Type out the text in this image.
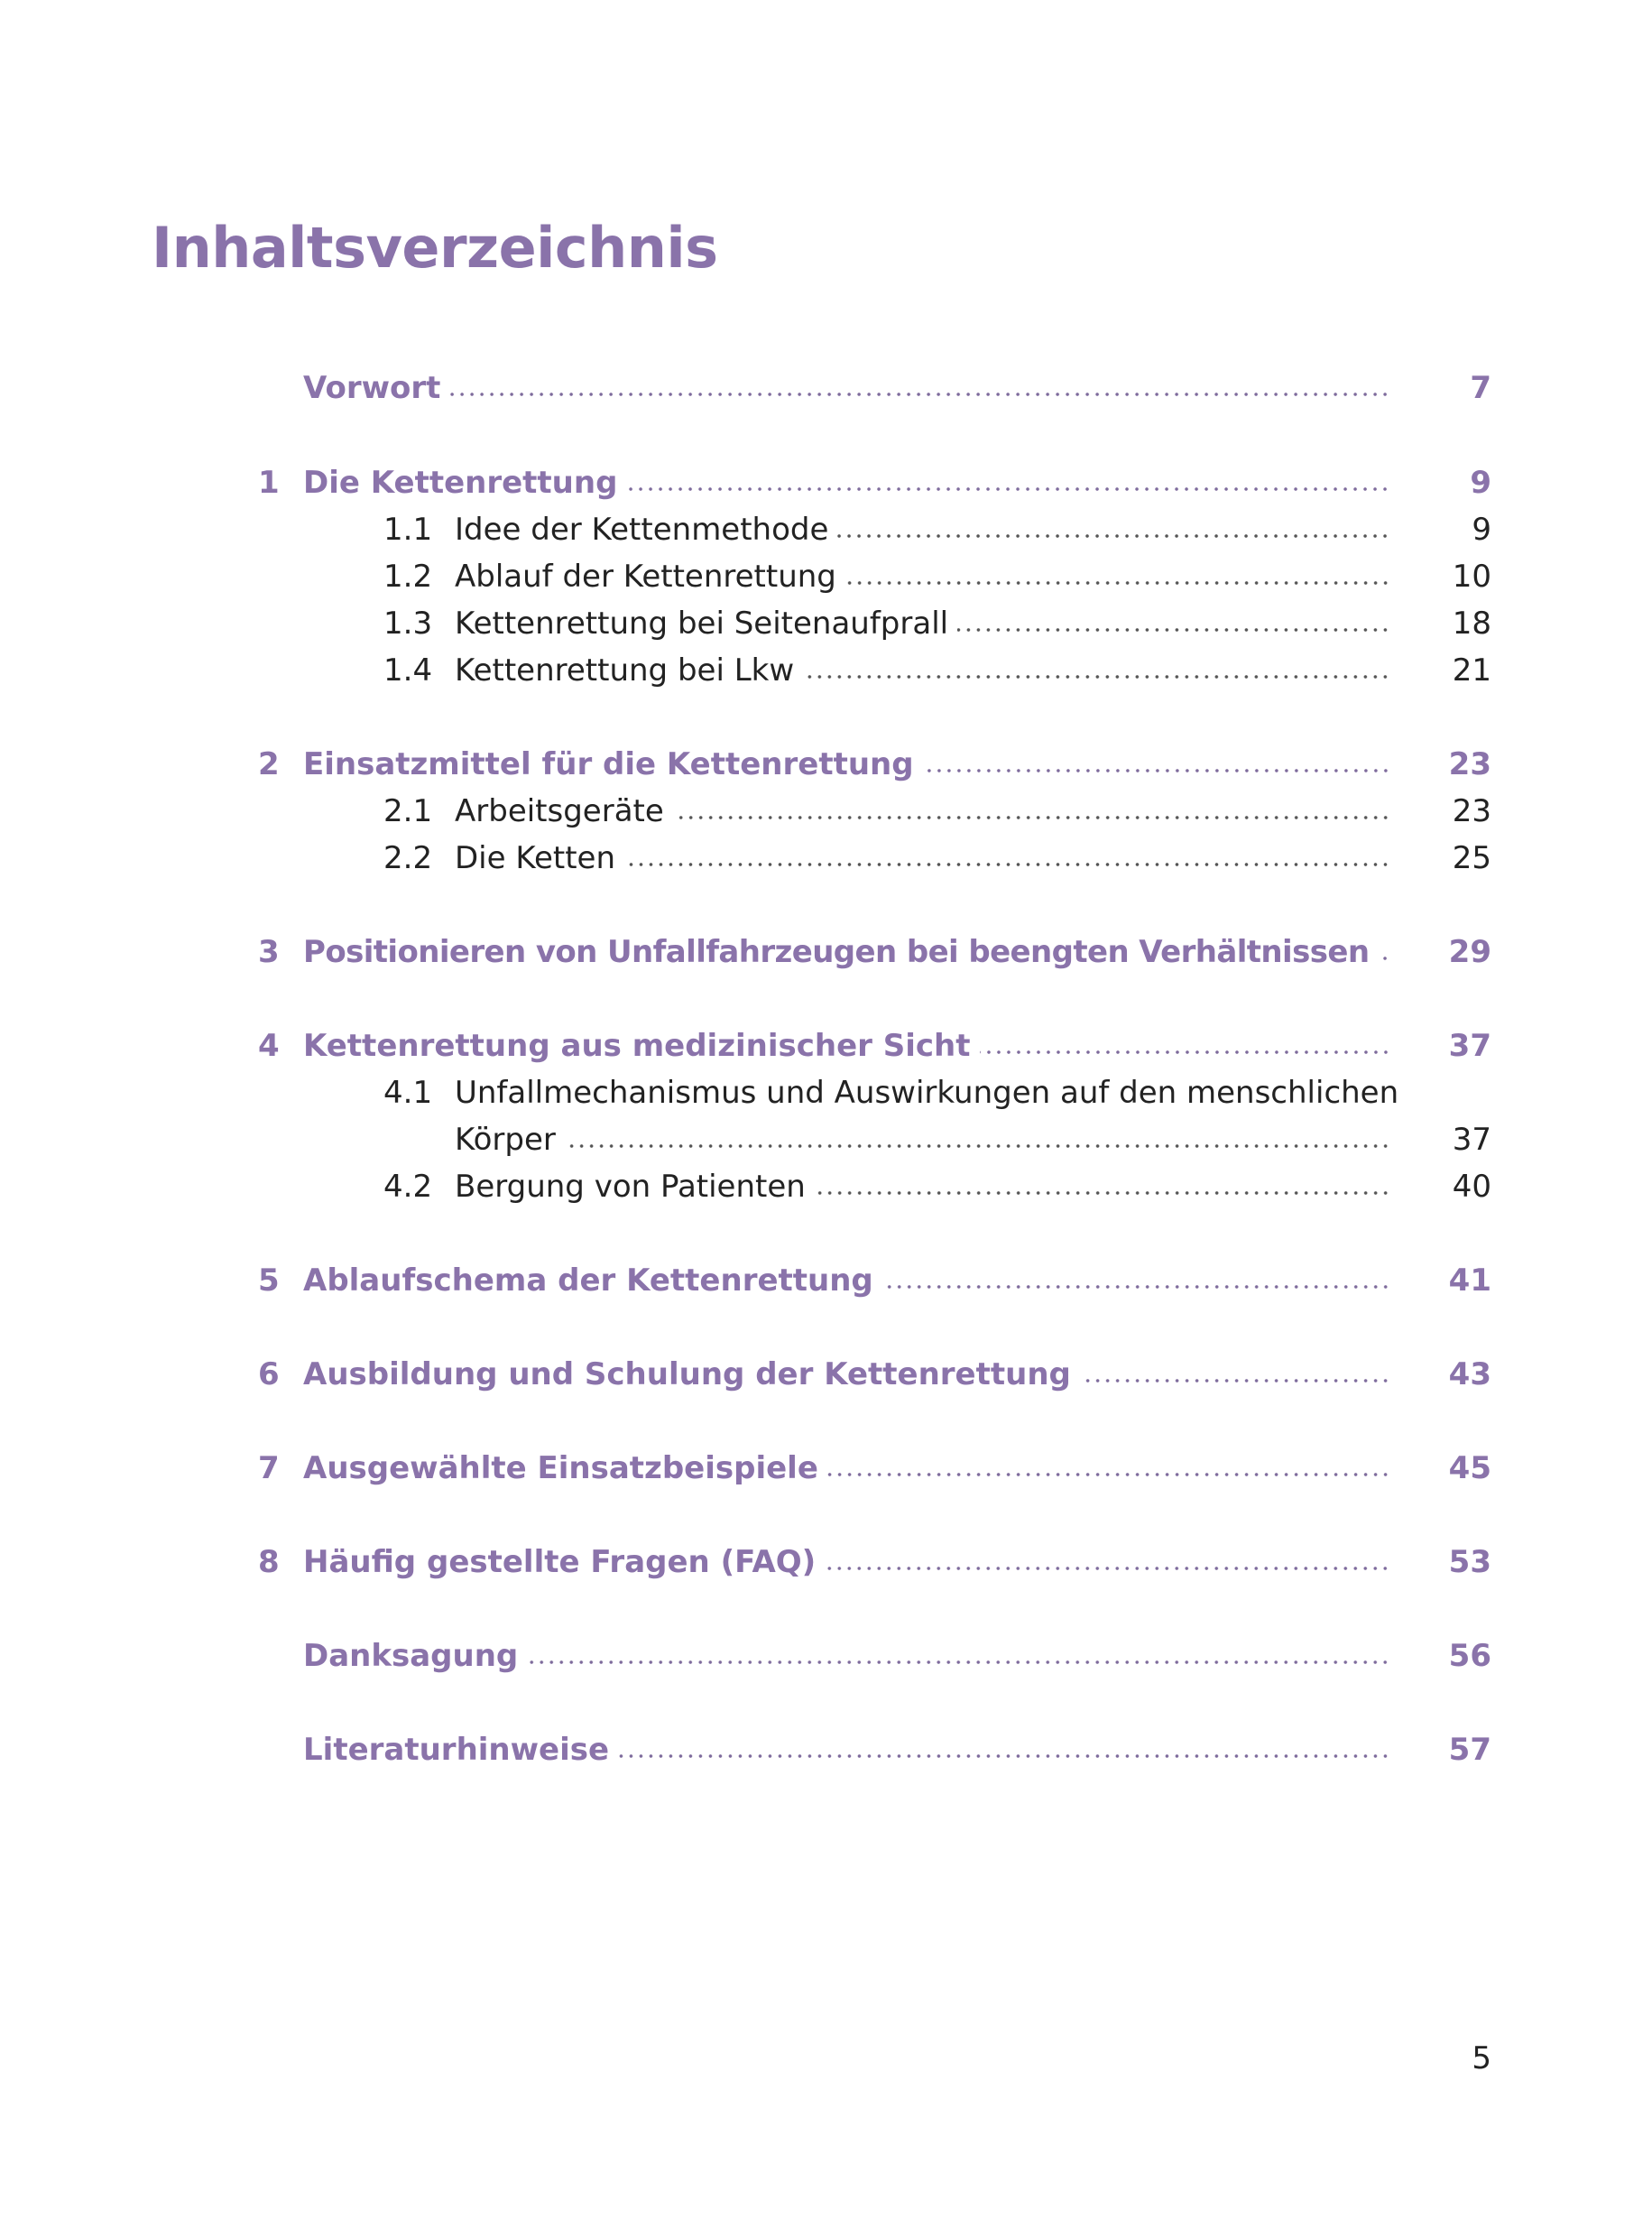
Inhaltsverzeichnis
Vorwort	7
1 Die Kettenrettung	9
1.1 Idee der Kettenmethode	9
1.2 Ablauf der Kettenrettung	10
1.3 Kettenrettung bei Seitenaufprall	18
1.4 Kettenrettung bei Lkw	21
2 Einsatzmittel für die Kettenrettung	23
2.1 Arbeitsgeräte	23
2.2 Die Ketten	25
3 Positionieren von Unfallfahrzeugen bei beengten Verhältnissen	29
4 Kettenrettung aus medizinischer Sicht	37
4.1 Unfallmechanismus und Auswirkungen auf den menschlichen
Körper	37
4.2 Bergung von Patienten	40
5 Ablaufschema der Kettenrettung	41
6 Ausbildung und Schulung der Kettenrettung	43
7 Ausgewählte Einsatzbeispiele	45
8 Häufig gestellte Fragen (FAQ)	53
Danksagung	56
Literaturhinweise	57
5
